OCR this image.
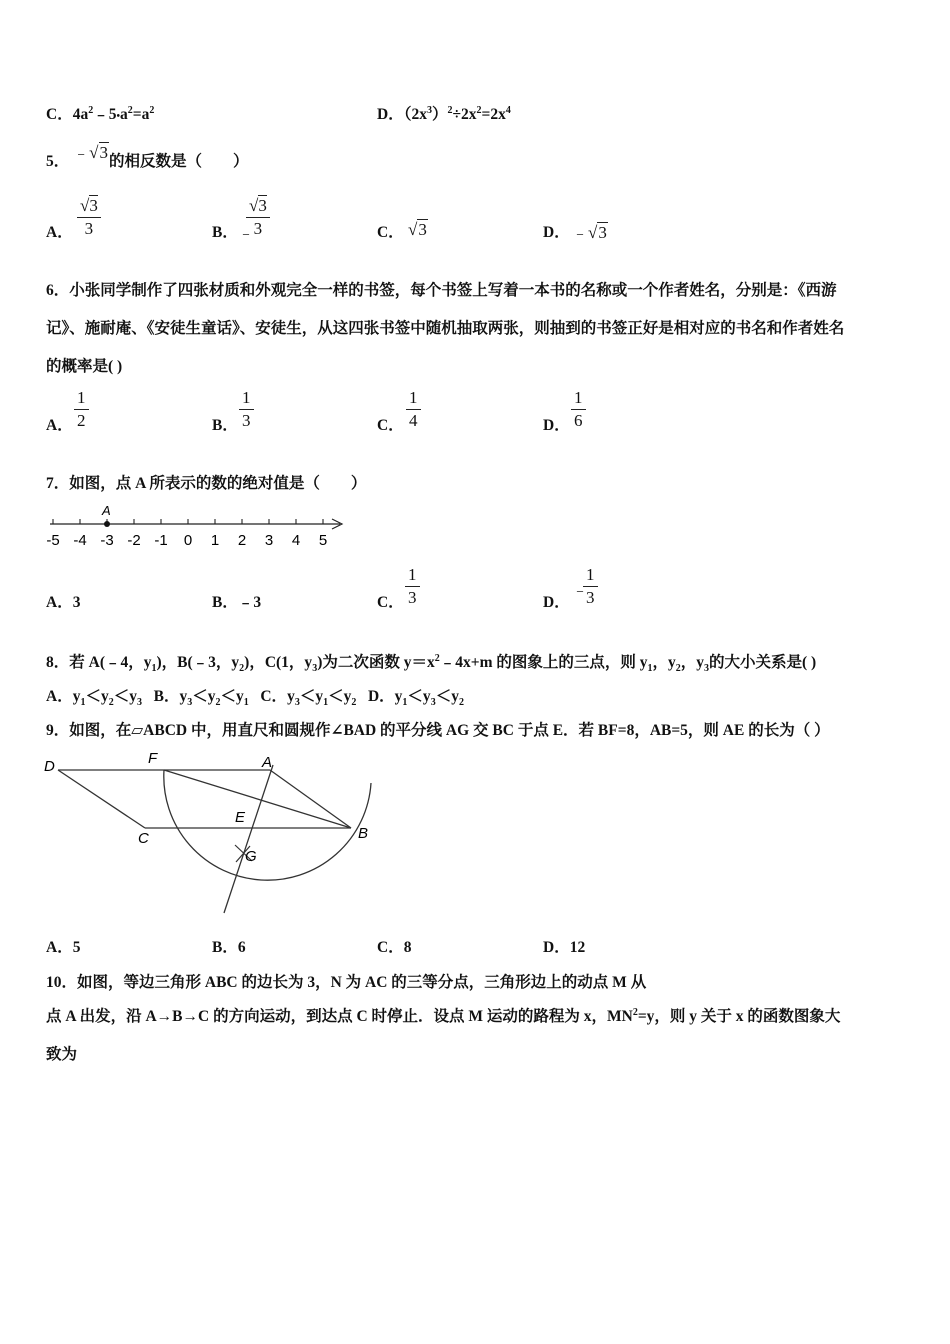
C．$4a^2﹣5•a^2=a^2$	D．$(2x^3)^2\div 2x^2=2x^4$
5． ﹣√3的相反数是（　　）
A．
√3
3	B． ﹣
√3
3	C． √3	D． ﹣√3
6．小张同学制作了四张材质和外观完全一样的书签，每个书签上写着一本书的名称或一个作者姓名，分别是：《西游
记》、施耐庵、《安徒生童话》、安徒生，从这四张书签中随机抽取两张，则抽到的书签正好是相对应的书名和作者姓名
的概率是( )
A．
1
2	B．
1
3	C．
1
4	D．
1
6
7．如图，点 A 所表示的数的绝对值是（　　）
-5 -4 -3 -2 -1 0 1 2 3 4 5
A
A．3	B．﹣3	C．
1
3	D．
﹣
1
3
8．若 A(﹣4，$y_1$)，B(﹣3，$y_2$)，C(1，$y_3$)为二次函数 $y=x^2﹣4x+m$ 的图象上的三点，则 $y_1$，$y_2$，$y_3$的大小关系是( )
A．$y_1<y_2<y_3$ B．$y_3<y_2<y_1$ C．$y_3<y_1<y_2$ D．$y_1<y_3<y_2$
9．如图，在▱ABCD 中，用直尺和圆规作∠BAD 的平分线 AG 交 BC 于点 E．若 BF=8，AB=5，则 AE 的长为（ ）
D	F	A
E
C	B
G
A．5	B．6	C．8	D．12
10．如图，等边三角形 ABC 的边长为 3，N 为 AC 的三等分点，三角形边上的动点 M 从
点 A 出发，沿 A→B→C 的方向运动，到达点 C 时停止．设点 M 运动的路程为 x，$MN^2=y$，则 y 关于 x 的函数图象大
致为
